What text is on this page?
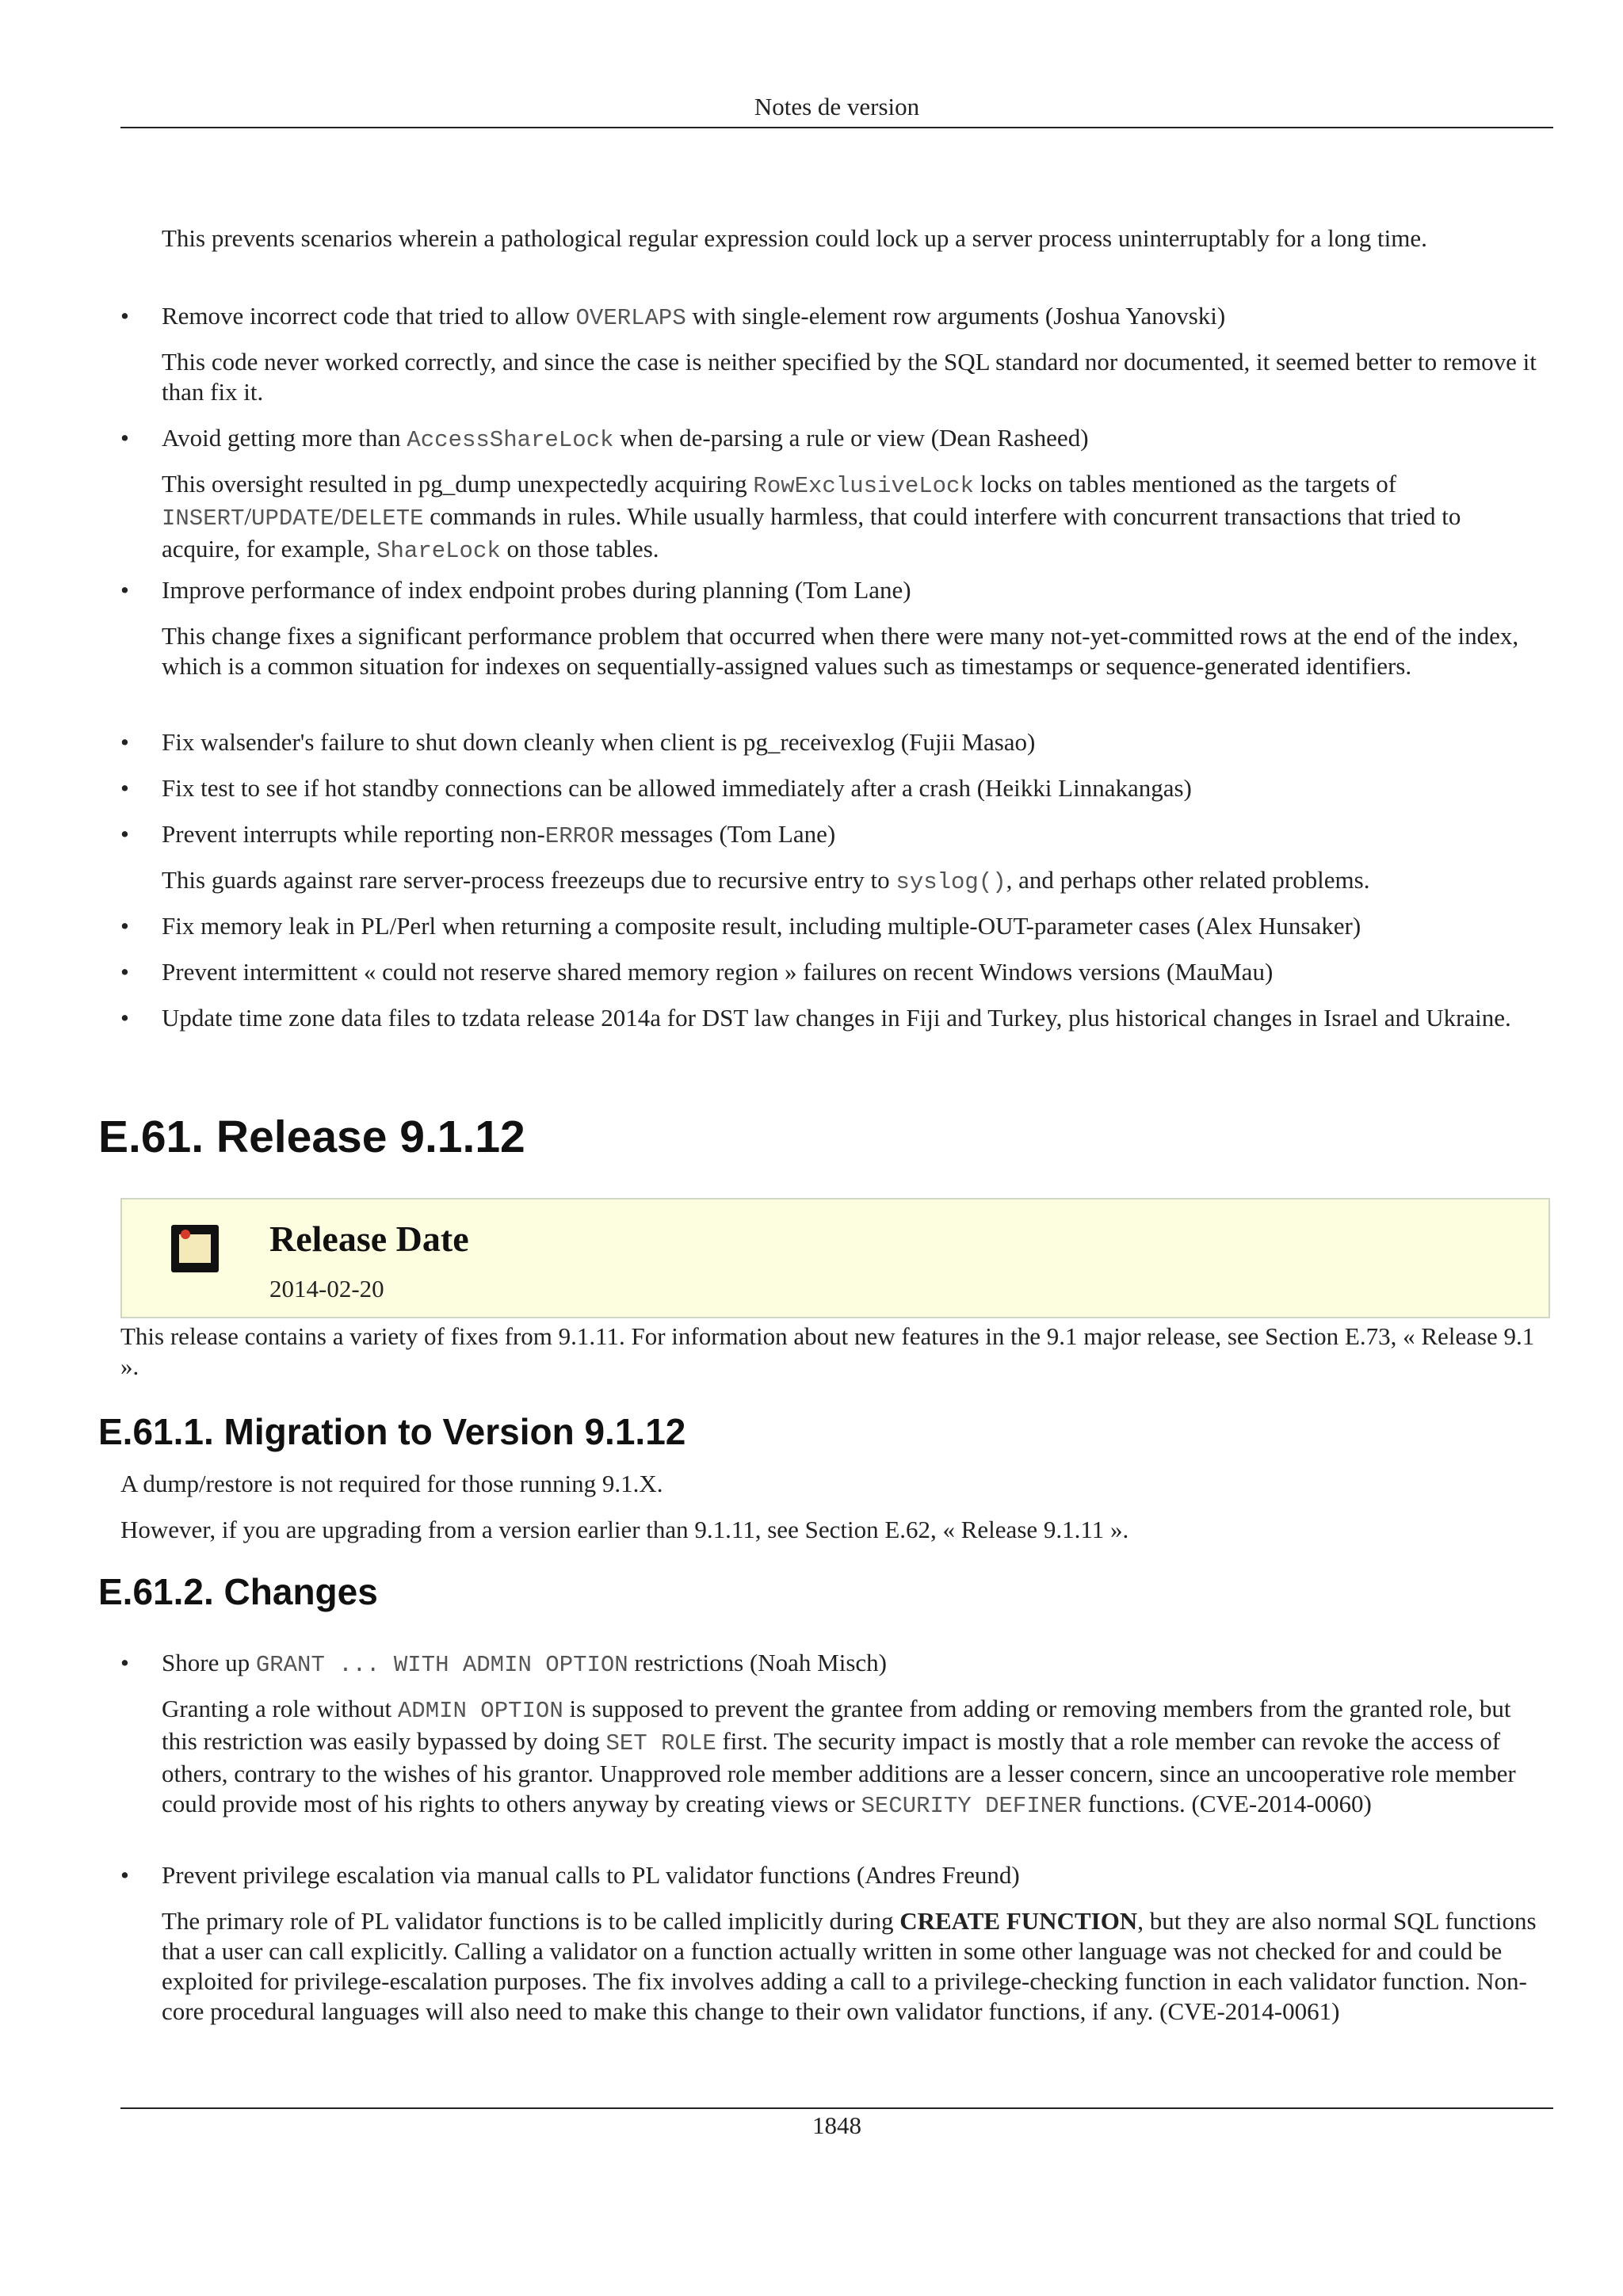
Notes de version

This prevents scenarios wherein a pathological regular expression could lock up a server process uninterruptably for a long time.

•	Remove incorrect code that tried to allow OVERLAPS with single-element row arguments (Joshua Yanovski)

This code never worked correctly, and since the case is neither specified by the SQL standard nor documented, it seemed better to remove it than fix it.

•	Avoid getting more than AccessShareLock when de-parsing a rule or view (Dean Rasheed)

This oversight resulted in pg_dump unexpectedly acquiring RowExclusiveLock locks on tables mentioned as the targets of INSERT/UPDATE/DELETE commands in rules. While usually harmless, that could interfere with concurrent transactions that tried to acquire, for example, ShareLock on those tables.

•	Improve performance of index endpoint probes during planning (Tom Lane)

This change fixes a significant performance problem that occurred when there were many not-yet-committed rows at the end of the index, which is a common situation for indexes on sequentially-assigned values such as timestamps or sequence-generated identifiers.

•	Fix walsender's failure to shut down cleanly when client is pg_receivexlog (Fujii Masao)
•	Fix test to see if hot standby connections can be allowed immediately after a crash (Heikki Linnakangas)
•	Prevent interrupts while reporting non-ERROR messages (Tom Lane)

This guards against rare server-process freezeups due to recursive entry to syslog(), and perhaps other related problems.

•	Fix memory leak in PL/Perl when returning a composite result, including multiple-OUT-parameter cases (Alex Hunsaker)
•	Prevent intermittent « could not reserve shared memory region » failures on recent Windows versions (MauMau)
•	Update time zone data files to tzdata release 2014a for DST law changes in Fiji and Turkey, plus historical changes in Israel and Ukraine.
E.61. Release 9.1.12
Release Date

2014-02-20

This release contains a variety of fixes from 9.1.11. For information about new features in the 9.1 major release, see Section E.73, « Release 9.1 ».

E.61.1. Migration to Version 9.1.12

A dump/restore is not required for those running 9.1.X.

However, if you are upgrading from a version earlier than 9.1.11, see Section E.62, « Release 9.1.11 ».

E.61.2. Changes
•	Shore up GRANT ... WITH ADMIN OPTION restrictions (Noah Misch)

Granting a role without ADMIN OPTION is supposed to prevent the grantee from adding or removing members from the granted role, but this restriction was easily bypassed by doing SET ROLE first. The security impact is mostly that a role member can revoke the access of others, contrary to the wishes of his grantor. Unapproved role member additions are a lesser concern, since an uncooperative role member could provide most of his rights to others anyway by creating views or SECURITY DEFINER functions. (CVE-2014-0060)

•	Prevent privilege escalation via manual calls to PL validator functions (Andres Freund)

The primary role of PL validator functions is to be called implicitly during CREATE FUNCTION, but they are also normal SQL functions that a user can call explicitly. Calling a validator on a function actually written in some other language was not checked for and could be exploited for privilege-escalation purposes. The fix involves adding a call to a privilege-checking function in each validator function. Non-core procedural languages will also need to make this change to their own validator functions, if any. (CVE-2014-0061)

1848
